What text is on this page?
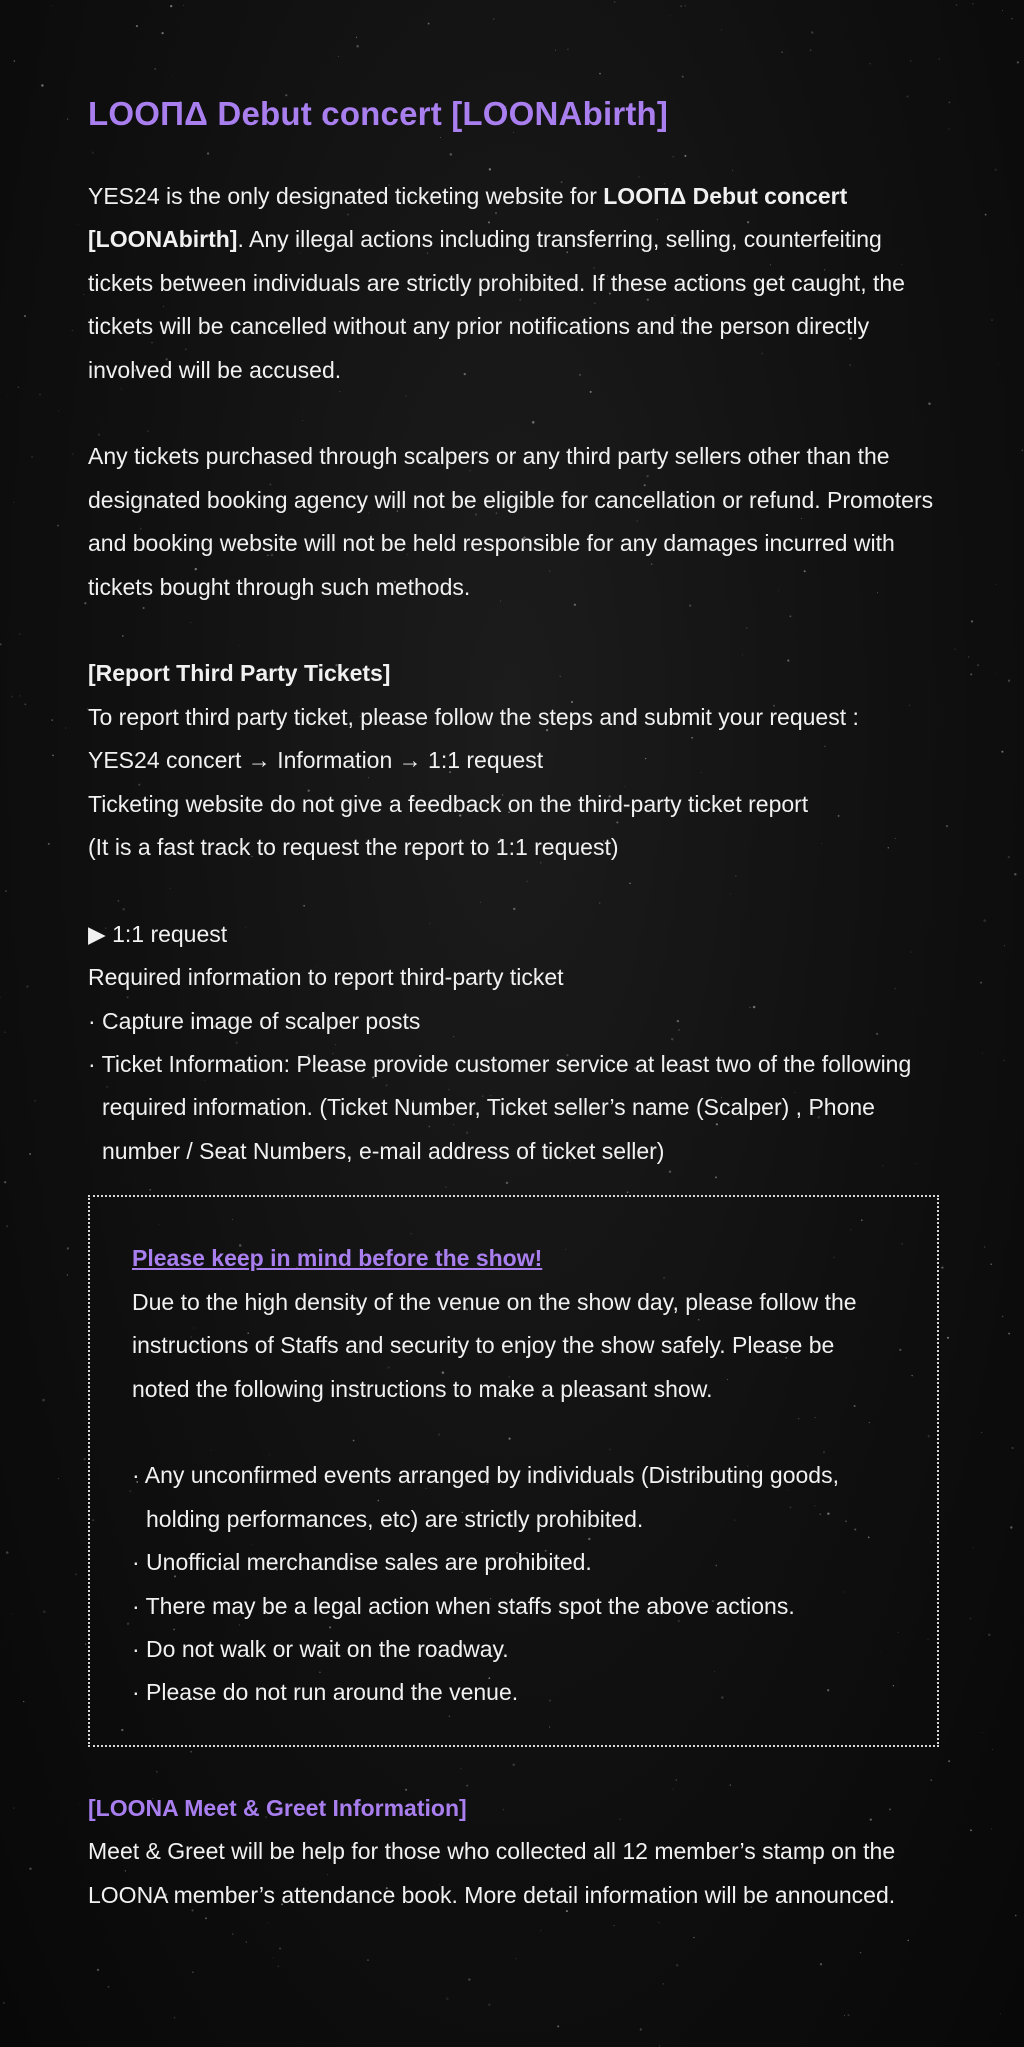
LOOΠΔ Debut concert [LOONAbirth]

YES24 is the only designated ticketing website for LOOΠΔ Debut concert [LOONAbirth]. Any illegal actions including transferring, selling, counterfeiting tickets between individuals are strictly prohibited. If these actions get caught, the tickets will be cancelled without any prior notifications and the person directly involved will be accused.

Any tickets purchased through scalpers or any third party sellers other than the designated booking agency will not be eligible for cancellation or refund. Promoters and booking website will not be held responsible for any damages incurred with tickets bought through such methods.

[Report Third Party Tickets]

To report third party ticket, please follow the steps and submit your request :

YES24 concert → Information → 1:1 request

Ticketing website do not give a feedback on the third-party ticket report

(It is a fast track to request the report to 1:1 request)

▶ 1:1 request

Required information to report third-party ticket

· Capture image of scalper posts

· Ticket Information: Please provide customer service at least two of the following required information. (Ticket Number, Ticket seller’s name (Scalper) , Phone number / Seat Numbers, e-mail address of ticket seller)

Please keep in mind before the show!

Due to the high density of the venue on the show day, please follow the instructions of Staffs and security to enjoy the show safely. Please be noted the following instructions to make a pleasant show.

· Any unconfirmed events arranged by individuals (Distributing goods, holding performances, etc) are strictly prohibited.

· Unofficial merchandise sales are prohibited.

· There may be a legal action when staffs spot the above actions.

· Do not walk or wait on the roadway.

· Please do not run around the venue.

[LOONA Meet & Greet Information]

Meet & Greet will be help for those who collected all 12 member’s stamp on the LOONA member’s attendance book. More detail information will be announced.
